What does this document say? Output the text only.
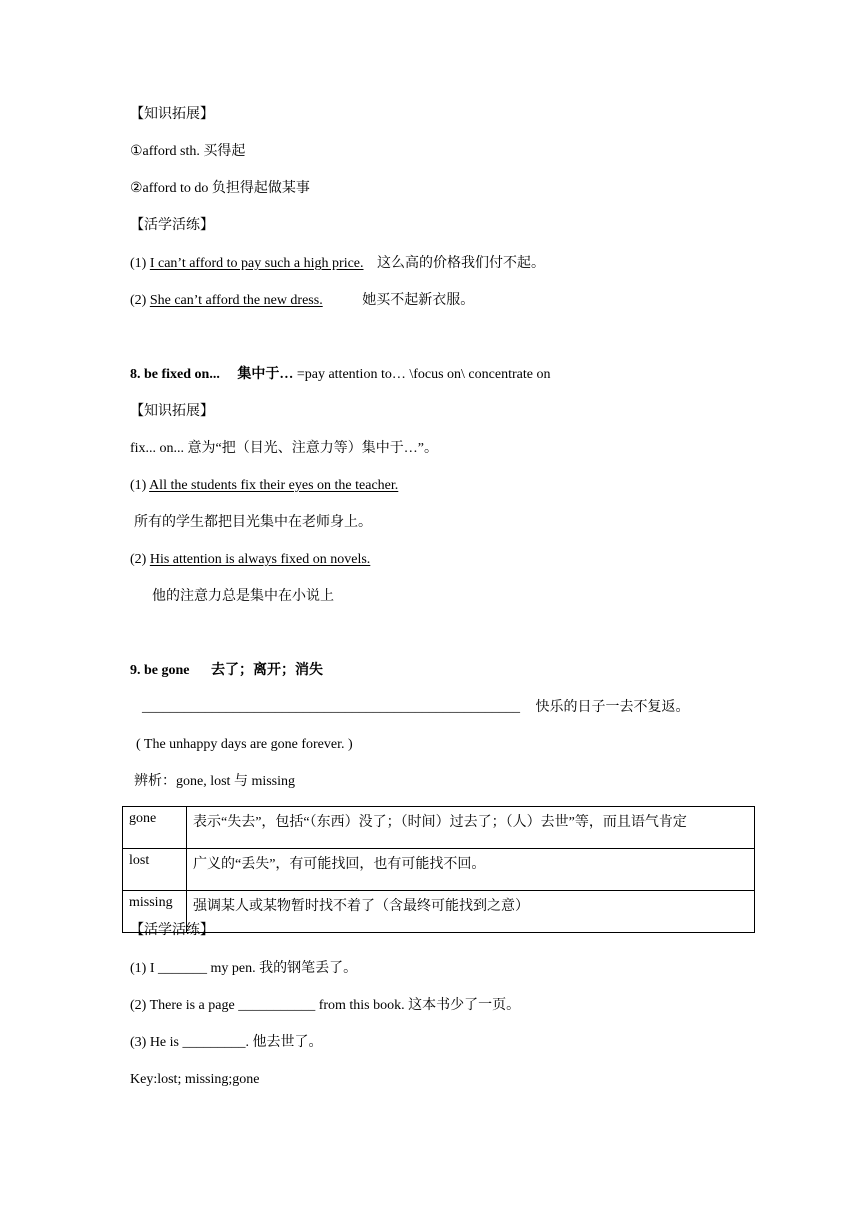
【知识拓展】
①afford sth. 买得起
②afford to do 负担得起做某事
【活学活练】
(1) I can’t afford to pay such a high price. 这么高的价格我们付不起。
(2) She can’t afford the new dress.	她买不起新衣服。
8. be fixed on... 集中于… =pay attention to… \focus on\ concentrate on
【知识拓展】
fix... on... 意为“把（目光、注意力等）集中于…”。
(1) All the students fix their eyes on the teacher.
所有的学生都把目光集中在老师身上。
(2) His attention is always fixed on novels.
他的注意力总是集中在小说上
9. be gone 去了；离开；消失
______________________________________________________ 快乐的日子一去不复返。
( The unhappy days are gone forever. )
辨析：gone, lost 与 missing
gone	表示“失去”，包括“（东西）没了；（时间）过去了；（人）去世”等，而且语气肯定
lost	广义的“丢失”，有可能找回，也有可能找不回。
missing	强调某人或某物暂时找不着了（含最终可能找到之意）
【活学活练】
(1) I _______ my pen. 我的钢笔丢了。
(2) There is a page ___________ from this book. 这本书少了一页。
(3) He is _________. 他去世了。
Key:lost; missing;gone
